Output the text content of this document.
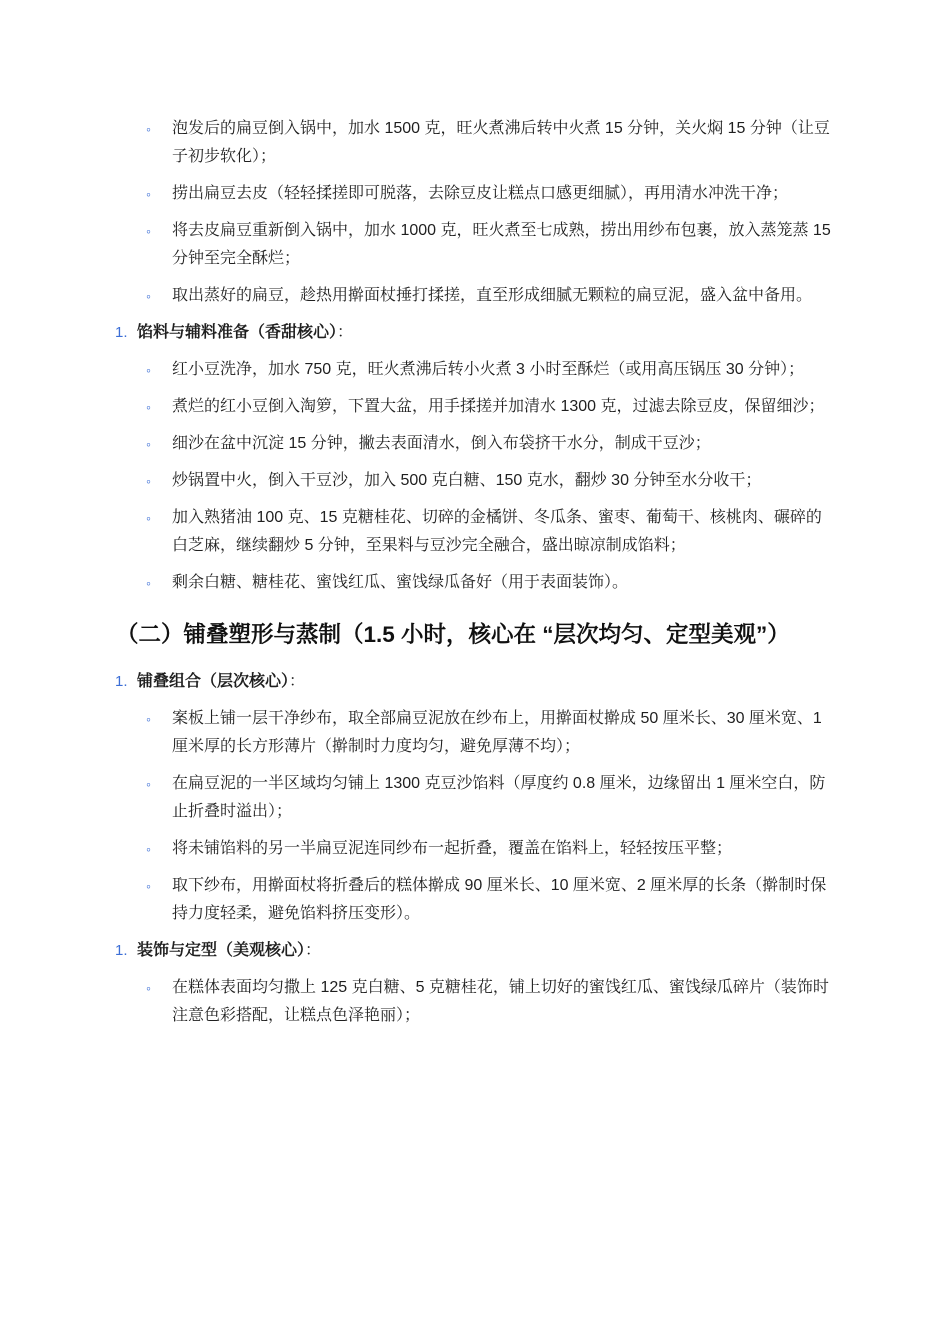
◦ 泡发后的扁豆倒入锅中，加水 1500 克，旺火煮沸后转中火煮 15 分钟，关火焖 15 分钟（让豆子初步软化）；
◦ 捞出扁豆去皮（轻轻揉搓即可脱落，去除豆皮让糕点口感更细腻），再用清水冲洗干净；
◦ 将去皮扁豆重新倒入锅中，加水 1000 克，旺火煮至七成熟，捞出用纱布包裹，放入蒸笼蒸 15 分钟至完全酥烂；
◦ 取出蒸好的扁豆，趁热用擀面杖捶打揉搓，直至形成细腻无颗粒的扁豆泥，盛入盆中备用。
1. 馅料与辅料准备（香甜核心）：
◦ 红小豆洗净，加水 750 克，旺火煮沸后转小火煮 3 小时至酥烂（或用高压锅压 30 分钟）；
◦ 煮烂的红小豆倒入淘箩，下置大盆，用手揉搓并加清水 1300 克，过滤去除豆皮，保留细沙；
◦ 细沙在盆中沉淀 15 分钟，撇去表面清水，倒入布袋挤干水分，制成干豆沙；
◦ 炒锅置中火，倒入干豆沙，加入 500 克白糖、150 克水，翻炒 30 分钟至水分收干；
◦ 加入熟猪油 100 克、15 克糖桂花、切碎的金橘饼、冬瓜条、蜜枣、葡萄干、核桃肉、碾碎的白芝麻，继续翻炒 5 分钟，至果料与豆沙完全融合，盛出晾凉制成馅料；
◦ 剩余白糖、糖桂花、蜜饯红瓜、蜜饯绿瓜备好（用于表面装饰）。
（二）铺叠塑形与蒸制（1.5 小时，核心在 “层次均匀、定型美观”）
1. 铺叠组合（层次核心）：
◦ 案板上铺一层干净纱布，取全部扁豆泥放在纱布上，用擀面杖擀成 50 厘米长、30 厘米宽、1 厘米厚的长方形薄片（擀制时力度均匀，避免厚薄不均）；
◦ 在扁豆泥的一半区域均匀铺上 1300 克豆沙馅料（厚度约 0.8 厘米，边缘留出 1 厘米空白，防止折叠时溢出）；
◦ 将未铺馅料的另一半扁豆泥连同纱布一起折叠，覆盖在馅料上，轻轻按压平整；
◦ 取下纱布，用擀面杖将折叠后的糕体擀成 90 厘米长、10 厘米宽、2 厘米厚的长条（擀制时保持力度轻柔，避免馅料挤压变形）。
1. 装饰与定型（美观核心）：
◦ 在糕体表面均匀撒上 125 克白糖、5 克糖桂花，铺上切好的蜜饯红瓜、蜜饯绿瓜碎片（装饰时注意色彩搭配，让糕点色泽艳丽）；
